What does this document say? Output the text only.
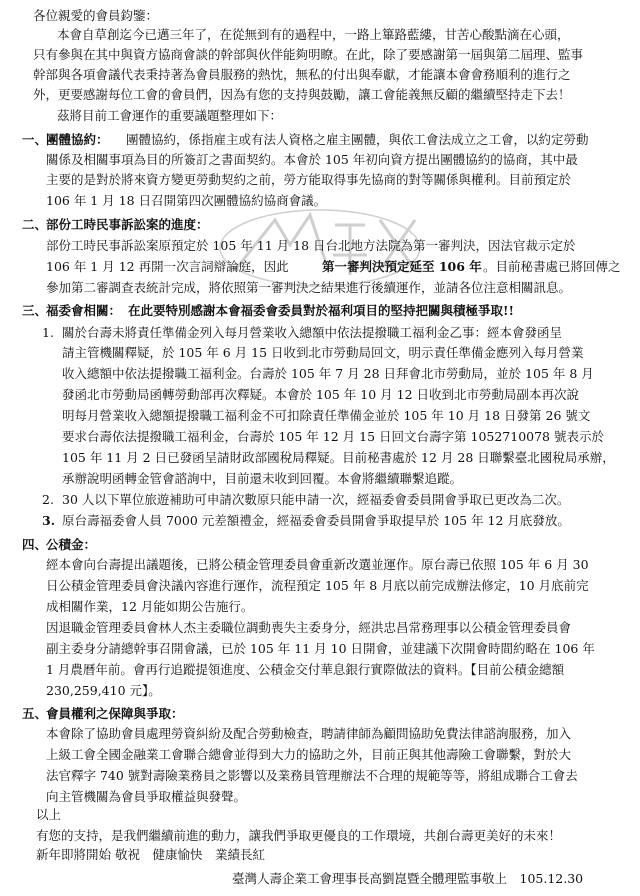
各位親愛的會員鈞鑒：
本會自草創迄今已邁三年了，在從無到有的過程中，一路上篳路藍縷，甘苦心酸點滴在心頭，
只有參與在其中與資方協商會談的幹部與伙伴能夠明瞭。在此，除了要感謝第一屆與第二屆理、監事
幹部與各項會議代表秉持著為會員服務的熱忱，無私的付出與奉獻，才能讓本會會務順利的進行之
外，更要感謝每位工會的會員們，因為有您的支持與鼓勵，讓工會能義無反顧的繼續堅持走下去！
茲將目前工會運作的重要議題整理如下：
一、
團體協約： 團體協約，係指雇主或有法人資格之雇主團體，與依工會法成立之工會，以約定勞動
關係及相關事項為目的所簽訂之書面契約。本會於 105 年初向資方提出團體協約的協商，其中最
主要的是對於將來資方變更勞動契約之前，勞方能取得事先協商的對等關係與權利。目前預定於
106 年 1 月 18 日召開第四次團體協約協商會議。
二、
部份工時民事訴訟案的進度：
部份工時民事訴訟案原預定於 105 年 11 月 18 日台北地方法院為第一審判決，因法官裁示定於
106 年 1 月 12 再開一次言詞辯論庭，因此	第一審判決預定延至 106 年 。目前秘書處已將回傳之
參加第二審調查表統計完成，將依照第一審判決之結果進行後續運作，並請各位注意相關訊息。
三、
福委會相關： 在此要特別感謝本會福委會委員對於福利項目的堅持把關與積極爭取!!
1. 關於台壽未將責任準備金列入每月營業收入總額中依法提撥職工福利金乙事：經本會發函呈
請主管機關釋疑，於 105 年 6 月 15 日收到北市勞動局回文，明示責任準備金應列入每月營業
收入總額中依法提撥職工福利金。台壽於 105 年 7 月 28 日拜會北市勞動局，並於 105 年 8 月
發函北市勞動局函轉勞動部再次釋疑。本會於 105 年 10 月 12 日收到北市勞動局副本再次說
明每月營業收入總額提撥職工福利金不可扣除責任準備金並於 105 年 10 月 18 日發第 26 號文
要求台壽依法提撥職工福利金，台壽於 105 年 12 月 15 日回文台壽字第 1052710078 號表示於
105 年 11 月 2 日已發函呈請財政部國稅局釋疑。目前秘書處於 12 月 28 日聯繫臺北國稅局承辦，
承辦說明函轉金管會諮詢中，目前還未收到回覆。本會將繼續聯繫追蹤。
2. 30 人以下單位旅遊補助可申請次數原只能申請一次，經福委會委員開會爭取已更改為二次。
3. 原台壽福委會人員 7000 元差額禮金，經福委會委員開會爭取提早於 105 年 12 月底發放。
四、
公積金：
經本會向台壽提出議題後，已將公積金管理委員會重新改選並運作。原台壽已依照 105 年 6 月 30
日公積金管理委員會決議內容進行運作，流程預定 105 年 8 月底以前完成辦法修定，10 月底前完
成相關作業，12 月能如期公告施行。
因退職金管理委員會林人杰主委職位調動喪失主委身分，經洪忠昌常務理事以公積金管理委員會
副主委身分請總幹事召開會議，已於 105 年 11 月 10 日開會，並建議下次開會時間約略在 106 年
1 月農曆年前。會再行追蹤提領進度、公積金交付華息銀行實際做法的資料。【目前公積金總額
230,259,410 元】。
五、
會員權利之保障與爭取：
本會除了協助會員處理勞資糾紛及配合勞動檢查，聘請律師為顧問協助免費法律諮詢服務，加入
上級工會全國金融業工會聯合總會並得到大力的協助之外，目前正與其他壽險工會聯繫，對於大
法官釋字 740 號對壽險業務員之影響以及業務員管理辦法不合理的規範等等，將組成聯合工會去
向主管機關為會員爭取權益與發聲。
以上
有您的支持，是我們繼續前進的動力，讓我們爭取更優良的工作環境，共創台壽更美好的未來！
新年即將開始 敬祝　健康愉快　業績長紅
臺灣人壽企業工會理事長高劉崑暨全體理監事敬上　105.12.30
